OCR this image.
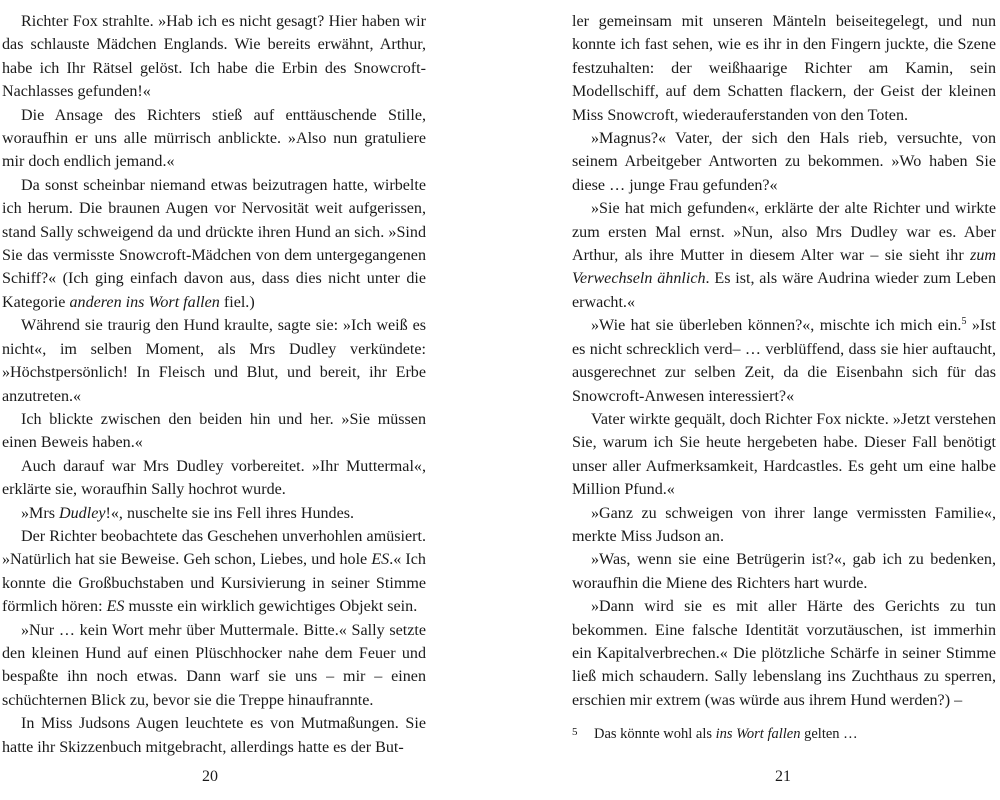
Richter Fox strahlte. »Hab ich es nicht gesagt? Hier haben wir das schlauste Mädchen Englands. Wie bereits erwähnt, Arthur, habe ich Ihr Rätsel gelöst. Ich habe die Erbin des Snowcroft-Nachlasses gefunden!«

Die Ansage des Richters stieß auf enttäuschende Stille, woraufhin er uns alle mürrisch anblickte. »Also nun gratuliere mir doch endlich jemand.«

Da sonst scheinbar niemand etwas beizutragen hatte, wirbelte ich herum. Die braunen Augen vor Nervosität weit aufgerissen, stand Sally schweigend da und drückte ihren Hund an sich. »Sind Sie das vermisste Snowcroft-Mädchen von dem untergegangenen Schiff?« (Ich ging einfach davon aus, dass dies nicht unter die Kategorie anderen ins Wort fallen fiel.)

Während sie traurig den Hund kraulte, sagte sie: »Ich weiß es nicht«, im selben Moment, als Mrs Dudley verkündete: »Höchstpersönlich! In Fleisch und Blut, und bereit, ihr Erbe anzutreten.«

Ich blickte zwischen den beiden hin und her. »Sie müssen einen Beweis haben.«

Auch darauf war Mrs Dudley vorbereitet. »Ihr Muttermal«, erklärte sie, woraufhin Sally hochrot wurde.

»Mrs Dudley!«, nuschelte sie ins Fell ihres Hundes.

Der Richter beobachtete das Geschehen unverhohlen amüsiert. »Natürlich hat sie Beweise. Geh schon, Liebes, und hole ES.« Ich konnte die Großbuchstaben und Kursivierung in seiner Stimme förmlich hören: ES musste ein wirklich gewichtiges Objekt sein.

»Nur … kein Wort mehr über Muttermale. Bitte.« Sally setzte den kleinen Hund auf einen Plüschhocker nahe dem Feuer und bespaßte ihn noch etwas. Dann warf sie uns – mir – einen schüchternen Blick zu, bevor sie die Treppe hinaufrannte.

In Miss Judsons Augen leuchtete es von Mutmaßungen. Sie hatte ihr Skizzenbuch mitgebracht, allerdings hatte es der But-

20

ler gemeinsam mit unseren Mänteln beiseitegelegt, und nun konnte ich fast sehen, wie es ihr in den Fingern juckte, die Szene festzuhalten: der weißhaarige Richter am Kamin, sein Modellschiff, auf dem Schatten flackern, der Geist der kleinen Miss Snowcroft, wiederauferstanden von den Toten.

»Magnus?« Vater, der sich den Hals rieb, versuchte, von seinem Arbeitgeber Antworten zu bekommen. »Wo haben Sie diese … junge Frau gefunden?«

»Sie hat mich gefunden«, erklärte der alte Richter und wirkte zum ersten Mal ernst. »Nun, also Mrs Dudley war es. Aber Arthur, als ihre Mutter in diesem Alter war – sie sieht ihr zum Verwechseln ähnlich. Es ist, als wäre Audrina wieder zum Leben erwacht.«

»Wie hat sie überleben können?«, mischte ich mich ein.$^5$ »Ist es nicht schrecklich verd– … verblüffend, dass sie hier auftaucht, ausgerechnet zur selben Zeit, da die Eisenbahn sich für das Snowcroft-Anwesen interessiert?«

Vater wirkte gequält, doch Richter Fox nickte. »Jetzt verstehen Sie, warum ich Sie heute hergebeten habe. Dieser Fall benötigt unser aller Aufmerksamkeit, Hardcastles. Es geht um eine halbe Million Pfund.«

»Ganz zu schweigen von ihrer lange vermissten Familie«, merkte Miss Judson an.

»Was, wenn sie eine Betrügerin ist?«, gab ich zu bedenken, woraufhin die Miene des Richters hart wurde.

»Dann wird sie es mit aller Härte des Gerichts zu tun bekommen. Eine falsche Identität vorzutäuschen, ist immerhin ein Kapitalverbrechen.« Die plötzliche Schärfe in seiner Stimme ließ mich schaudern. Sally lebenslang ins Zuchthaus zu sperren, erschien mir extrem (was würde aus ihrem Hund werden?) –

5 Das könnte wohl als ins Wort fallen gelten …
21
